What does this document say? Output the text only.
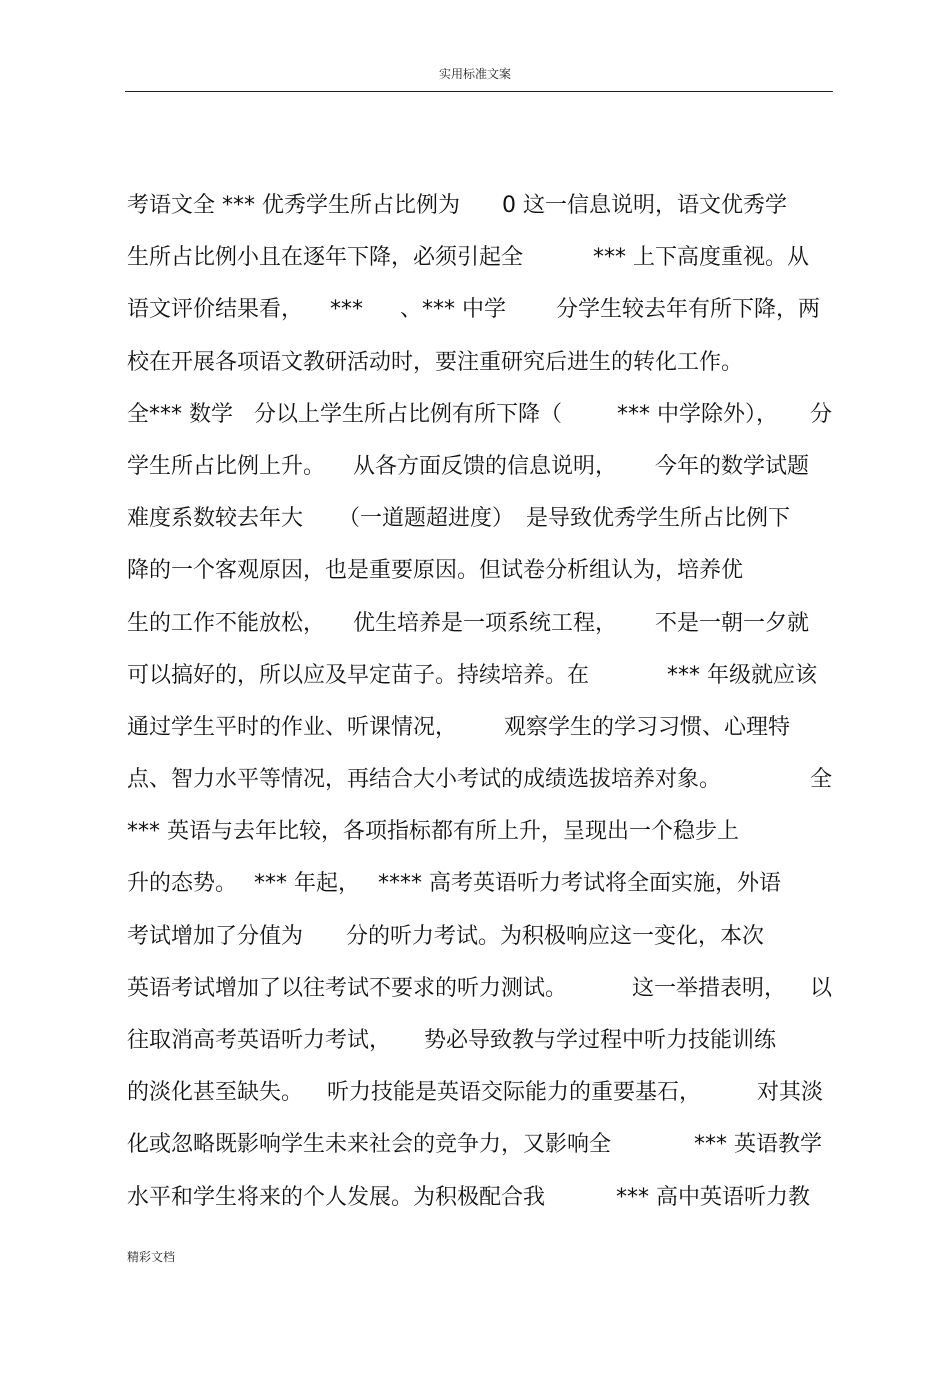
实用标准文案

考语文全 *** 优秀学生所占比例为

0 这一信息说明，语文优秀学

生所占比例小且在逐年下降，必须引起全

	*** 上下高度重视。从

语文评价结果看，

***

、*** 中学

分学生较去年有所下降，两

校在开展各项语文教研活动时，要注重研究后进生的转化工作。

全*** 数学

分以上学生所占比例有所下降（

*** 中学除外），

分

学生所占比例上升。

从各方面反馈的信息说明，

今年的数学试题

难度系数较去年大

（一道题超进度）

是导致优秀学生所占比例下

降的一个客观原因，也是重要原因。但试卷分析组认为，培养优

生的工作不能放松，

优生培养是一项系统工程，

不是一朝一夕就

可以搞好的，所以应及早定苗子。持续培养。在

	*** 年级就应该

通过学生平时的作业、听课情况，

观察学生的学习习惯、心理特

点、智力水平等情况，再结合大小考试的成绩选拔培养对象。

	全

*** 英语与去年比较，各项指标都有所上升，呈现出一个稳步上

升的态势。

*** 年起，

**** 高考英语听力考试将全面实施，外语

考试增加了分值为

分的听力考试。为积极响应这一变化，本次

英语考试增加了以往考试不要求的听力测试。

	这一举措表明，

以

往取消高考英语听力考试，

势必导致教与学过程中听力技能训练

的淡化甚至缺失。

听力技能是英语交际能力的重要基石，

	对其淡

化或忽略既影响学生未来社会的竞争力，又影响全

	*** 英语教学

水平和学生将来的个人发展。为积极配合我

	*** 高中英语听力教

精彩文档
